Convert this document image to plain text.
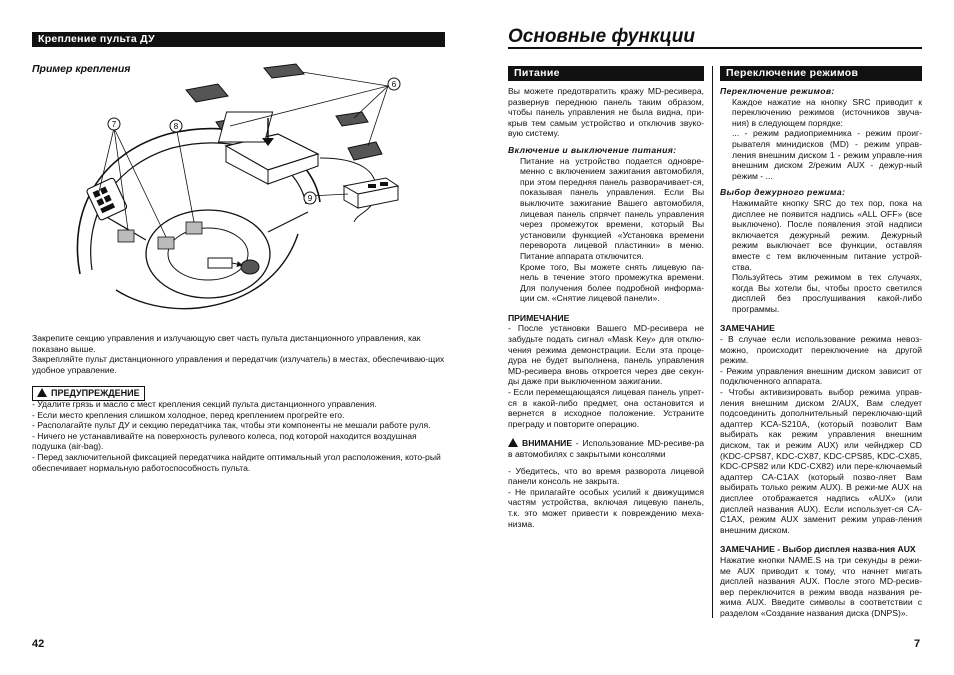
Крепление пульта ДУ
Пример крепления
6
7	8
9

Закрепите секцию управления и излучающую свет часть пульта дистанционного управления, как показано выше.

Закрепляйте пульт дистанционного управления и передатчик (излучатель) в местах, обеспечиваю-щих удобное управление.

ПРЕДУПРЕЖДЕНИЕ

- Удалите грязь и масло с мест крепления секций пульта дистанционного управления.

- Если место крепления слишком холодное, перед креплением прогрейте его.

- Располагайте пульт ДУ и секцию передатчика так, чтобы эти компоненты не мешали работе руля.

- Ничего не устанавливайте на поверхность рулевого колеса, под которой находится воздушная подушка (air-bag).

- Перед заключительной фиксацией передатчика найдите оптимальный угол расположения, кото-рый обеспечивает нормальную работоспособность пульта.

42
Основные функции
Питание

Вы можете предотвратить кражу MD-ресивера, развернув переднюю панель таким образом, чтобы панель управления не была видна, при-крыв тем самым устройство и отключив звуко-вую систему.

Включение и выключение питания:

Питание на устройство подается одновре-менно с включением зажигания автомобиля, при этом передняя панель разворачивает-ся, показывая панель управления. Если Вы выключите зажигание Вашего автомобиля, лицевая панель спрячет панель управления через промежуток времени, который Вы установили функцией «Установка времени переворота лицевой пластинки» в меню. Питание аппарата отключится.

Кроме того, Вы можете снять лицевую па-нель в течение этого промежутка времени. Для получения более подробной информа-ции см. «Снятие лицевой панели».

ПРИМЕЧАНИЕ

- После установки Вашего MD-ресивера не забудьте подать сигнал «Mask Key» для отклю-чения режима демонстрации. Если эта проце-дура не будет выполнена, панель управления MD-ресивера вновь откроется через две секун-ды даже при выключенном зажигании.

- Если перемещающаяся лицевая панель упрет-ся в какой-либо предмет, она остановится и вернется в исходное положение. Устраните преграду и повторите операцию.

ВНИМАНИЕ - Использование MD-ресиве-ра в автомобилях с закрытыми консолями

- Убедитесь, что во время разворота лицевой панели консоль не закрыта.

- Не прилагайте особых усилий к движущимся частям устройства, включая лицевую панель, т.к. это может привести к повреждению меха-низма.

Переключение режимов

Переключение режимов:

Каждое нажатие на кнопку SRC приводит к переключению режимов (источников звуча-ния) в следующем порядке:

... - режим радиоприемника - режим проиг-рывателя минидисков (MD) - режим управ-ления внешним диском 1 - режим управле-ния внешним диском 2/режим AUX - дежур-ный режим - ...

Выбор дежурного режима:

Нажимайте кнопку SRC до тех пор, пока на дисплее не появится надпись «ALL OFF» (все выключено). После появления этой надписи включается дежурный режим. Дежурный режим выключает все функции, оставляя вместе с тем включенным питание устрой-ства.

Пользуйтесь этим режимом в тех случаях, когда Вы хотели бы, чтобы просто светился дисплей без прослушивания какой-либо программы.

ЗАМЕЧАНИЕ

- В случае если использование режима невоз-можно, происходит переключение на другой режим.

- Режим управления внешним диском зависит от подключенного аппарата.

- Чтобы активизировать выбор режима управ-ления внешним диском 2/AUX, Вам следует подсоединить дополнительный переключаю-щий адаптер KCA-S210A, (который позволит Вам выбирать как режим управления внешним диском, так и режим AUX) или чейнджер CD (KDC-CPS87, KDC-CX87, KDC-CPS85, KDC-CX85, KDC-CPS82 или KDC-CX82) или пере-ключаемый адаптер CA-C1AX (который позво-ляет Вам выбирать только режим AUX). В режи-ме AUX на дисплее отображается надпись «AUX» (или дисплей названия AUX). Если использует-ся CA-C1AX, режим AUX заменит режим управ-ления внешним диском.

ЗАМЕЧАНИЕ - Выбор дисплея назва-ния AUX

Нажатие кнопки NAME.S на три секунды в режи-ме AUX приводит к тому, что начнет мигать дисплей названия AUX. После этого MD-ресив-вер переключится в режим ввода названия ре-жима AUX. Введите символы в соответствии с разделом «Создание названия диска (DNPS)».

7
